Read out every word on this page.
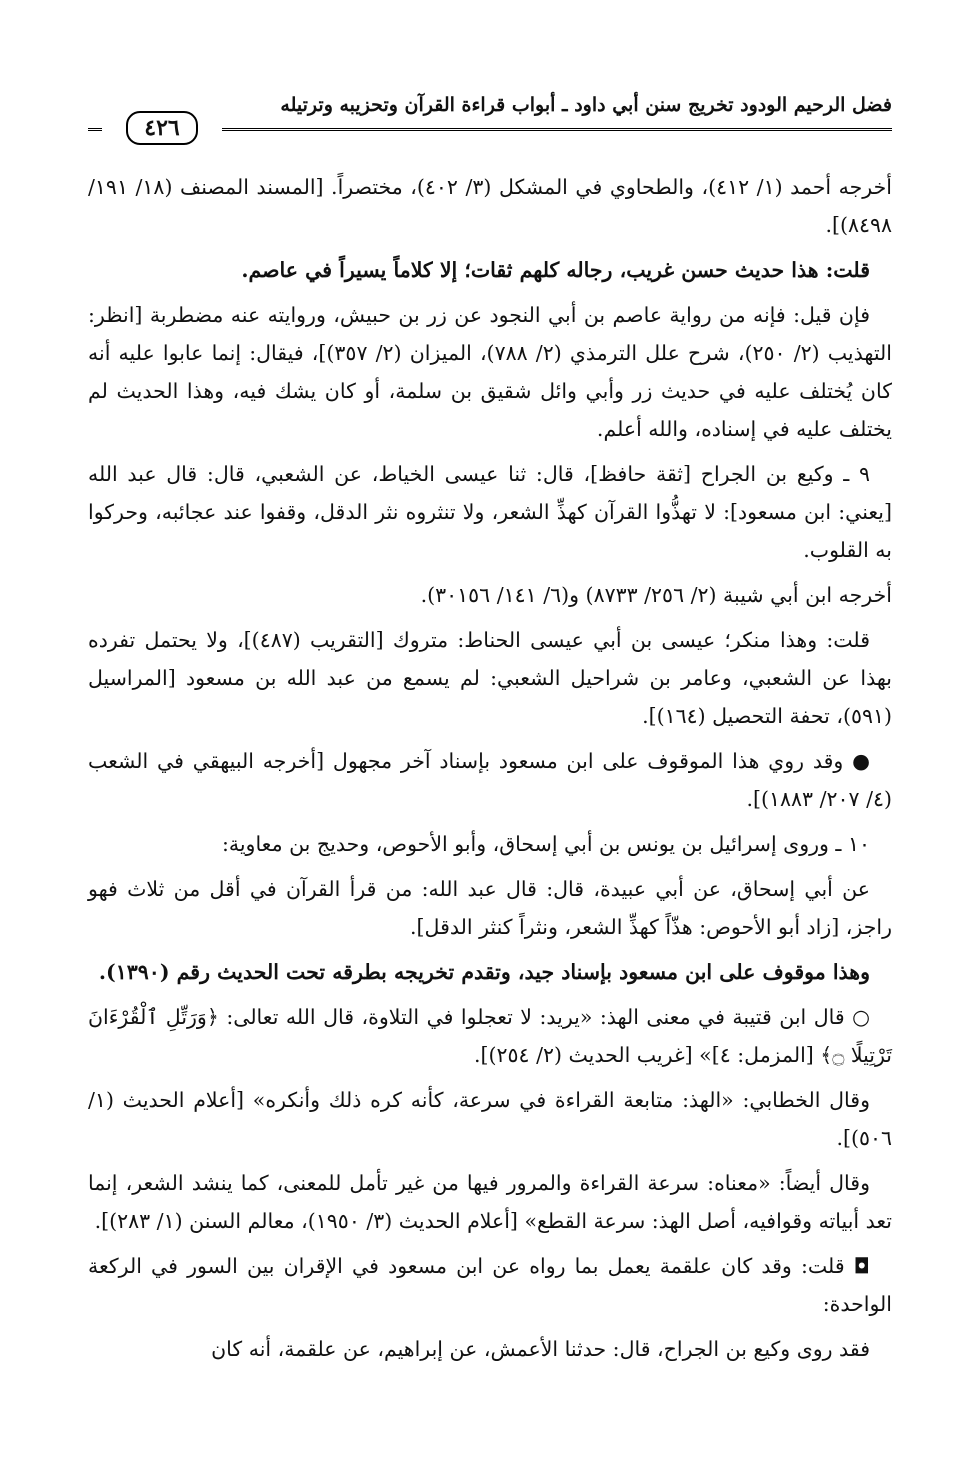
فضل الرحيم الودود تخريج سنن أبي داود ـ أبواب قراءة القرآن وتحزيبه وترتيله
٤٢٦

أخرجه أحمد (١/ ٤١٢)، والطحاوي في المشكل (٣/ ٤٠٢)، مختصراً. [المسند المصنف (١٨/ ١٩١/ ٨٤٩٨)].

قلت: هذا حديث حسن غريب، رجاله كلهم ثقات؛ إلا كلاماً يسيراً في عاصم.

فإن قيل: فإنه من رواية عاصم بن أبي النجود عن زر بن حبيش، وروايته عنه مضطربة [انظر: التهذيب (٢/ ٢٥٠)، شرح علل الترمذي (٢/ ٧٨٨)، الميزان (٢/ ٣٥٧)]، فيقال: إنما عابوا عليه أنه كان يُختلف عليه في حديث زر وأبي وائل شقيق بن سلمة، أو كان يشك فيه، وهذا الحديث لم يختلف عليه في إسناده، والله أعلم.

٩ ـ وكيع بن الجراح [ثقة حافظ]، قال: ثنا عيسى الخياط، عن الشعبي، قال: قال عبد الله [يعني: ابن مسعود]: لا تهذُّوا القرآن كهذِّ الشعر، ولا تنثروه نثر الدقل، وقفوا عند عجائبه، وحركوا به القلوب.

أخرجه ابن أبي شيبة (٢/ ٢٥٦/ ٨٧٣٣) و(٦/ ١٤١/ ٣٠١٥٦).

قلت: وهذا منكر؛ عيسى بن أبي عيسى الحناط: متروك [التقريب (٤٨٧)]، ولا يحتمل تفرده بهذا عن الشعبي، وعامر بن شراحيل الشعبي: لم يسمع من عبد الله بن مسعود [المراسيل (٥٩١)، تحفة التحصيل (١٦٤)].

● وقد روي هذا الموقوف على ابن مسعود بإسناد آخر مجهول [أخرجه البيهقي في الشعب (٤/ ٢٠٧/ ١٨٨٣)].

١٠ ـ وروى إسرائيل بن يونس بن أبي إسحاق، وأبو الأحوص، وحديج بن معاوية:

عن أبي إسحاق، عن أبي عبيدة، قال: قال عبد الله: من قرأ القرآن في أقل من ثلاث فهو راجز، [زاد أبو الأحوص: هذّاً كهذِّ الشعر، ونثراً كنثر الدقل].

وهذا موقوف على ابن مسعود بإسناد جيد، وتقدم تخريجه بطرقه تحت الحديث رقم (١٣٩٠).

○ قال ابن قتيبة في معنى الهذ: «يريد: لا تعجلوا في التلاوة، قال الله تعالى: ﴿وَرَتِّلِ ٱلْقُرْءَانَ تَرْتِيلًا ۝﴾ [المزمل: ٤]» [غريب الحديث (٢/ ٢٥٤)].

وقال الخطابي: «الهذ: متابعة القراءة في سرعة، كأنه كره ذلك وأنكره» [أعلام الحديث (١/ ٥٠٦)].

وقال أيضاً: «معناه: سرعة القراءة والمرور فيها من غير تأمل للمعنى، كما ينشد الشعر، إنما تعد أبياته وقوافيه، أصل الهذ: سرعة القطع» [أعلام الحديث (٣/ ١٩٥٠)، معالم السنن (١/ ٢٨٣)].

◘ قلت: وقد كان علقمة يعمل بما رواه عن ابن مسعود في الإقران بين السور في الركعة الواحدة:

فقد روى وكيع بن الجراح، قال: حدثنا الأعمش، عن إبراهيم، عن علقمة، أنه كان
